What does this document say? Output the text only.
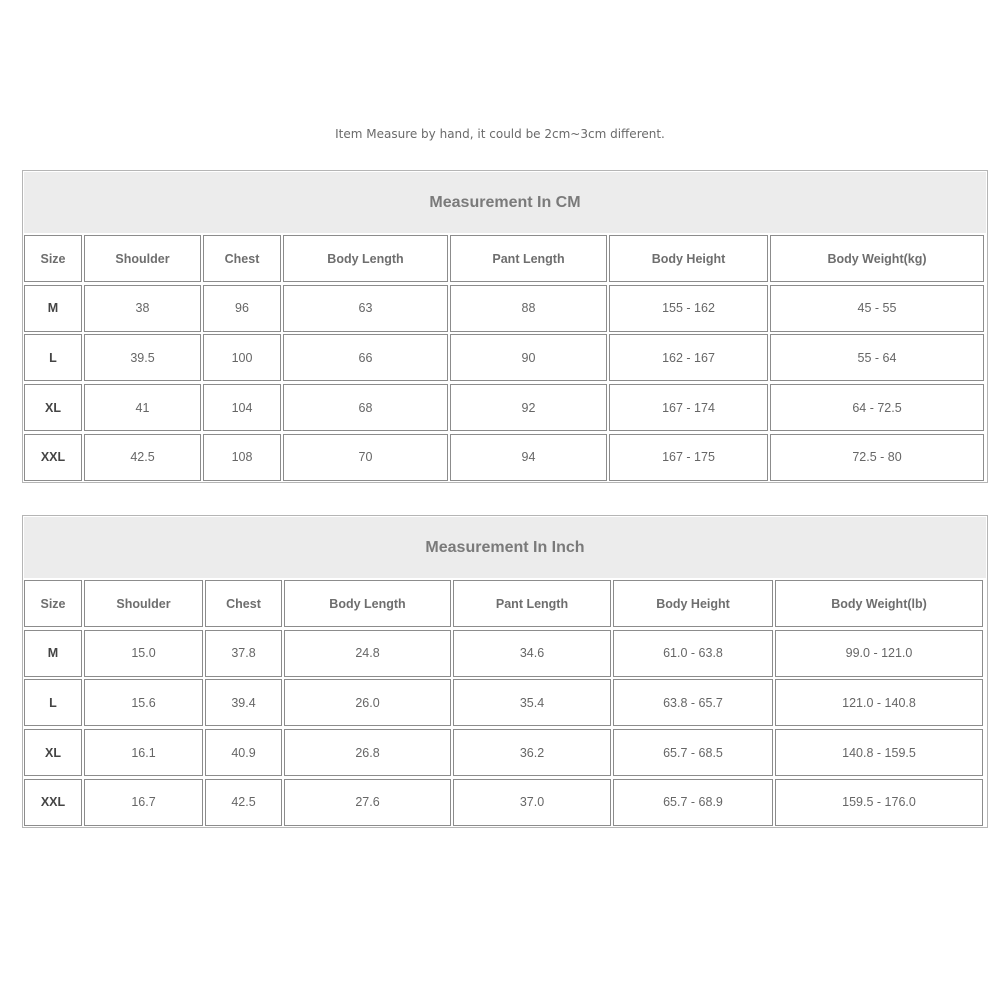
Item Measure by hand, it could be 2cm~3cm different.
Measurement In CM
Size	Shoulder	Chest	Body Length	Pant Length	Body Height	Body Weight(kg)
M	38	96	63	88	155 - 162	45 - 55
L	39.5	100	66	90	162 - 167	55 - 64
XL	41	104	68	92	167 - 174	64 - 72.5
XXL	42.5	108	70	94	167 - 175	72.5 - 80
Measurement In Inch
Size	Shoulder	Chest	Body Length	Pant Length	Body Height	Body Weight(lb)
M	15.0	37.8	24.8	34.6	61.0 - 63.8	99.0 - 121.0
L	15.6	39.4	26.0	35.4	63.8 - 65.7	121.0 - 140.8
XL	16.1	40.9	26.8	36.2	65.7 - 68.5	140.8 - 159.5
XXL	16.7	42.5	27.6	37.0	65.7 - 68.9	159.5 - 176.0
